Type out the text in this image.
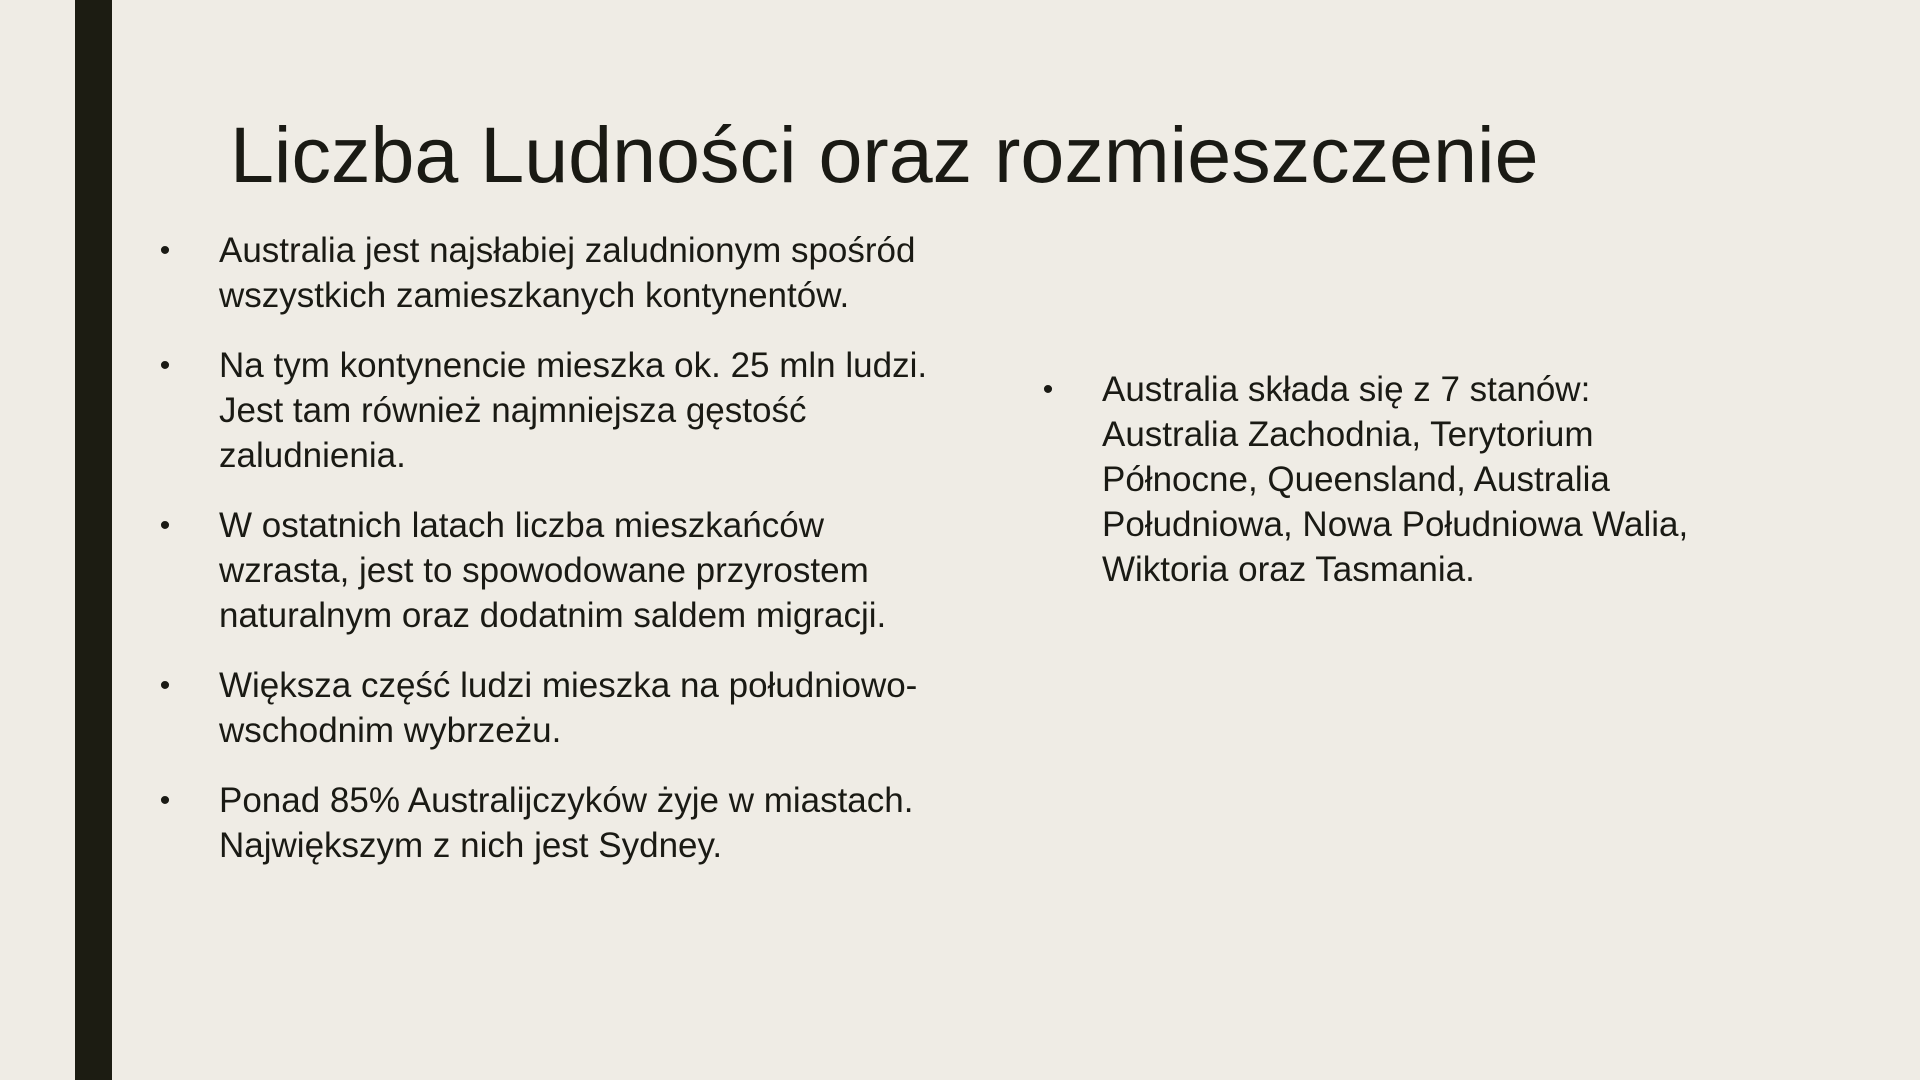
Liczba Ludności oraz rozmieszczenie
• Australia jest najsłabiej zaludnionym spośród wszystkich zamieszkanych kontynentów.
• Na tym kontynencie mieszka ok. 25 mln ludzi. Jest tam również najmniejsza gęstość zaludnienia.
• W ostatnich latach liczba mieszkańców wzrasta, jest to spowodowane przyrostem naturalnym oraz dodatnim saldem migracji.
• Większa część ludzi mieszka na południowo-wschodnim wybrzeżu.
• Ponad 85% Australijczyków żyje w miastach. Największym z nich jest Sydney.
• Australia składa się z 7 stanów: Australia Zachodnia, Terytorium Północne, Queensland, Australia Południowa, Nowa Południowa Walia, Wiktoria oraz Tasmania.
